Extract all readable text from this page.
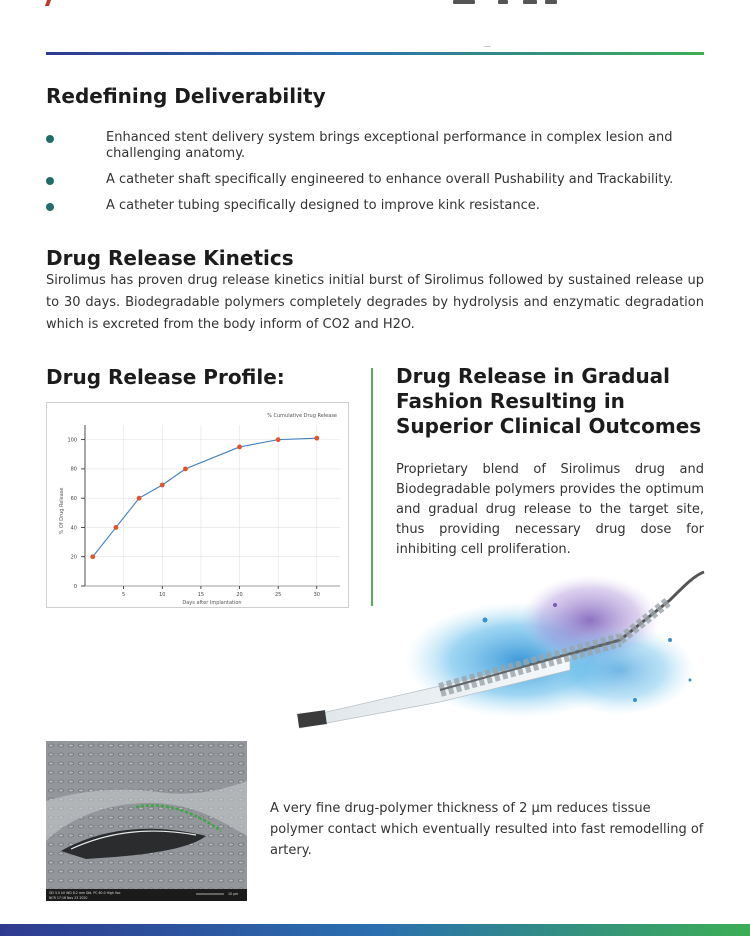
—
Redefining Deliverability
Enhanced stent delivery system brings exceptional performance in complex lesion and challenging anatomy.
A catheter shaft specifically engineered to enhance overall Pushability and Trackability.
A catheter tubing specifically designed to improve kink resistance.
Drug Release Kinetics

Sirolimus has proven drug release kinetics initial burst of Sirolimus followed by sustained release up to 30 days. Biodegradable polymers completely degrades by hydrolysis and enzymatic degradation which is excreted from the body inform of CO2 and H2O.

Drug Release Profile:
% Cumulative Drug Release
Days after Implantation
% Of Drug Release
0
20
40
60
80
100
5	10	15	20	25	30
Drug Release in Gradual Fashion Resulting in Superior Clinical Outcomes

Proprietary blend of Sirolimus drug and Biodegradable polymers provides the optimum and gradual drug release to the target site, thus providing necessary drug dose for inhibiting cell proliferation.

SEI 5.0 kV WD 8.2 mm Std. PC 60.0 High Vac
NCR 17:16 Nov 23 2020
10 µm

A very fine drug-polymer thickness of 2 µm reduces tissue polymer contact which eventually resulted into fast remodelling of artery.
